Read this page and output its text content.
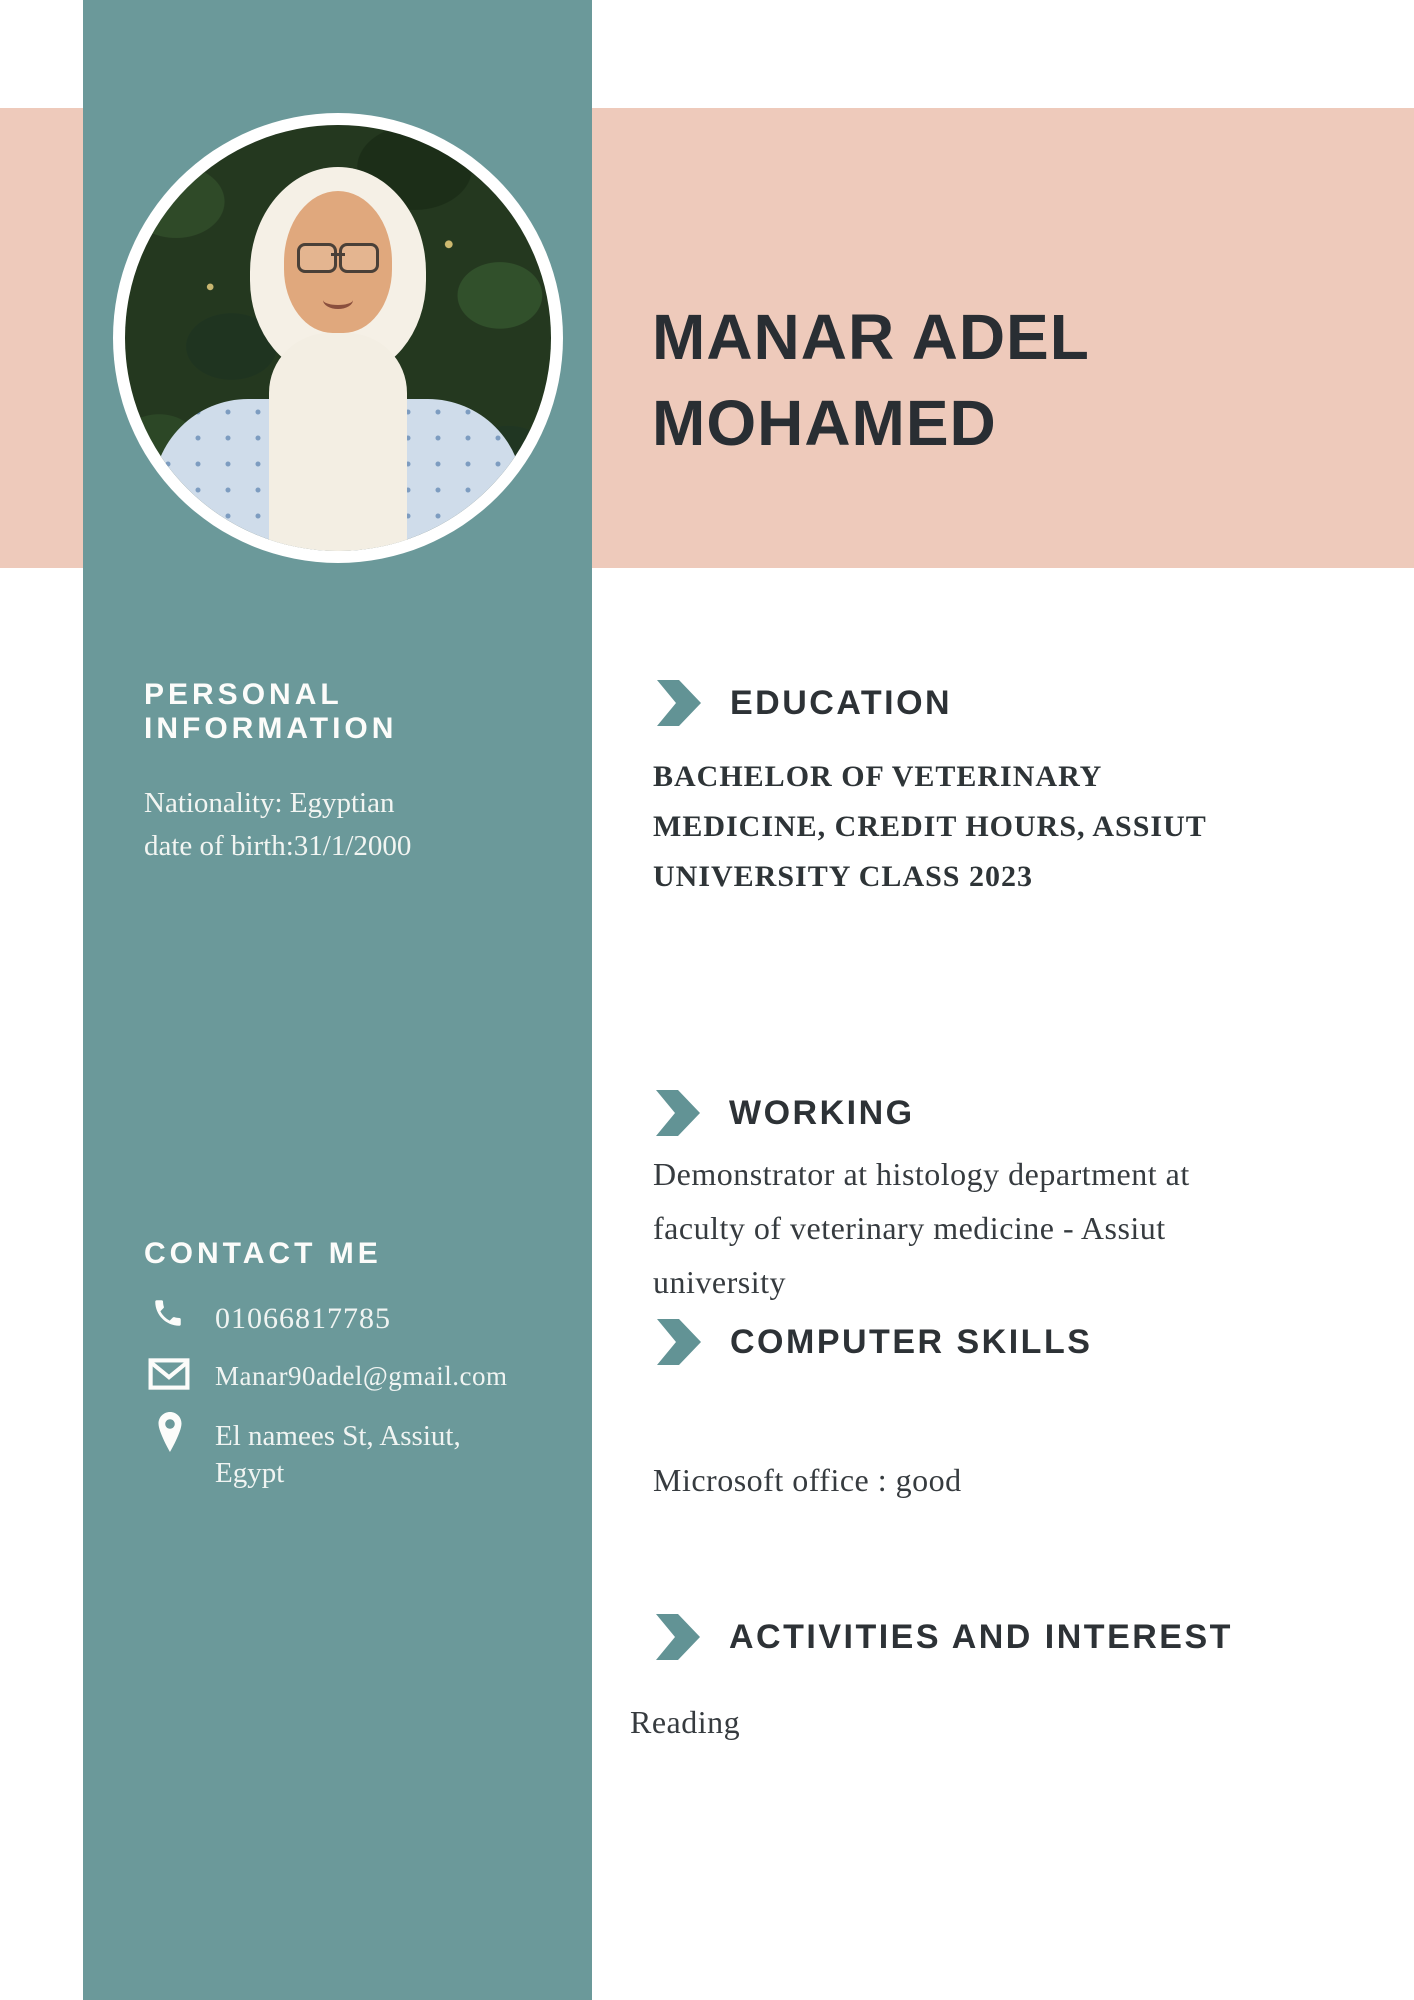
MANAR ADEL MOHAMED
PERSONAL INFORMATION
Nationality: Egyptian
date of birth:31/1/2000
CONTACT ME
01066817785
Manar90adel@gmail.com
El namees St, Assiut, Egypt
EDUCATION

BACHELOR OF VETERINARY MEDICINE, CREDIT HOURS, ASSIUT UNIVERSITY CLASS 2023

WORKING

Demonstrator at histology department at faculty of veterinary medicine - Assiut university

COMPUTER SKILLS

Microsoft office : good

ACTIVITIES AND INTEREST

Reading
